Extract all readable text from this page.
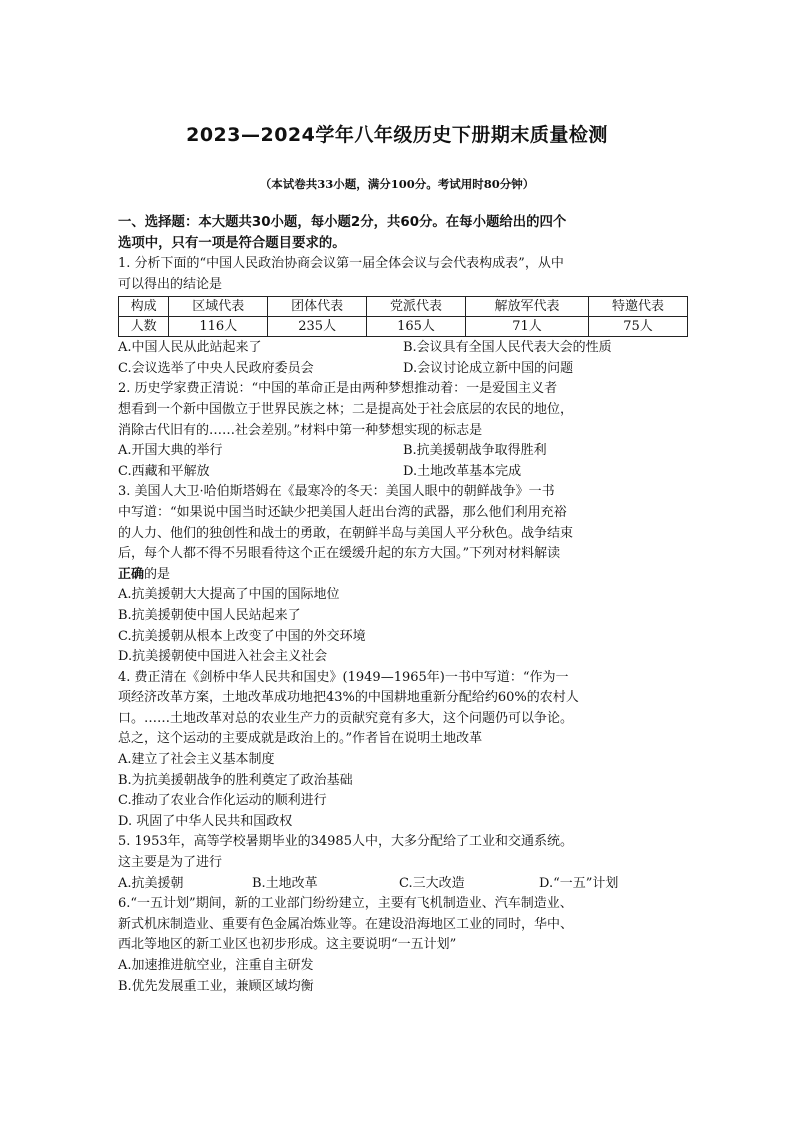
2023—2024学年八年级历史下册期末质量检测
（本试卷共33小题，满分100分。考试用时80分钟）
一、选择题：本大题共30小题，每小题2分，共60分。在每小题给出的四个
选项中，只有一项是符合题目要求的。

1. 分析下面的“中国人民政治协商会议第一届全体会议与会代表构成表”，从中

可以得出的结论是

构成	区域代表	团体代表	党派代表	解放军代表	特邀代表
人数	116人	235人	165人	71人	75人
A.中国人民从此站起来了	B.会议具有全国人民代表大会的性质
C.会议选举了中央人民政府委员会	D.会议讨论成立新中国的问题

2. 历史学家费正清说：“中国的革命正是由两种梦想推动着：一是爱国主义者

想看到一个新中国傲立于世界民族之林；二是提高处于社会底层的农民的地位，

消除古代旧有的……社会差别。”材料中第一种梦想实现的标志是

A.开国大典的举行	B.抗美援朝战争取得胜利
C.西藏和平解放	D.土地改革基本完成

3. 美国人大卫·哈伯斯塔姆在《最寒冷的冬天：美国人眼中的朝鲜战争》一书

中写道：“如果说中国当时还缺少把美国人赶出台湾的武器，那么他们利用充裕

的人力、他们的独创性和战士的勇敢，在朝鲜半岛与美国人平分秋色。战争结束

后，每个人都不得不另眼看待这个正在缓缓升起的东方大国。”下列对材料解读

正确的是

A.抗美援朝大大提高了中国的国际地位

B.抗美援朝使中国人民站起来了

C.抗美援朝从根本上改变了中国的外交环境

D.抗美援朝使中国进入社会主义社会

4. 费正清在《剑桥中华人民共和国史》(1949—1965年)一书中写道：“作为一

项经济改革方案，土地改革成功地把43%的中国耕地重新分配给约60%的农村人

口。……土地改革对总的农业生产力的贡献究竟有多大，这个问题仍可以争论。

总之，这个运动的主要成就是政治上的。”作者旨在说明土地改革

A.建立了社会主义基本制度

B.为抗美援朝战争的胜利奠定了政治基础

C.推动了农业合作化运动的顺利进行

D. 巩固了中华人民共和国政权

5. 1953年，高等学校暑期毕业的34985人中，大多分配给了工业和交通系统。

这主要是为了进行

A.抗美援朝	B.土地改革	C.三大改造	D.“一五”计划

6.“一五计划”期间，新的工业部门纷纷建立，主要有飞机制造业、汽车制造业、

新式机床制造业、重要有色金属冶炼业等。在建设沿海地区工业的同时，华中、

西北等地区的新工业区也初步形成。这主要说明“一五计划”

A.加速推进航空业，注重自主研发

B.优先发展重工业，兼顾区域均衡
